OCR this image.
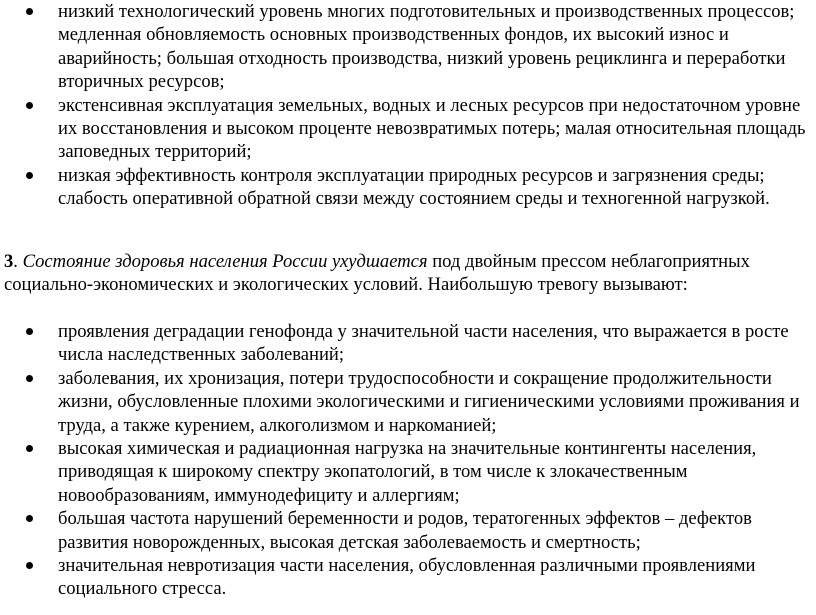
низкий технологический уровень многих подготовительных и производственных процессов; медленная обновляемость основных производственных фондов, их высокий износ и аварийность; большая отходность производства, низкий уровень рециклинга и переработки вторичных ресурсов;
экстенсивная эксплуатация земельных, водных и лесных ресурсов при недостаточном уровне их восстановления и высоком проценте невозвратимых потерь; малая относительная площадь заповедных территорий;
низкая эффективность контроля эксплуатации природных ресурсов и загрязнения среды; слабость оперативной обратной связи между состоянием среды и техногенной нагрузкой.

3. Состояние здоровья населения России ухудшается под двойным прессом неблагоприятных социально-экономических и экологических условий. Наибольшую тревогу вызывают:

проявления деградации генофонда у значительной части населения, что выражается в росте числа наследственных заболеваний;
заболевания, их хронизация, потери трудоспособности и сокращение продолжительности жизни, обусловленные плохими экологическими и гигиеническими условиями проживания и труда, а также курением, алкоголизмом и наркоманией;
высокая химическая и радиационная нагрузка на значительные контингенты населения, приводящая к широкому спектру экопатологий, в том числе к злокачественным новообразованиям, иммунодефициту и аллергиям;
большая частота нарушений беременности и родов, тератогенных эффектов – дефектов развития новорожденных, высокая детская заболеваемость и смертность;
значительная невротизация части населения, обусловленная различными проявлениями социального стресса.
